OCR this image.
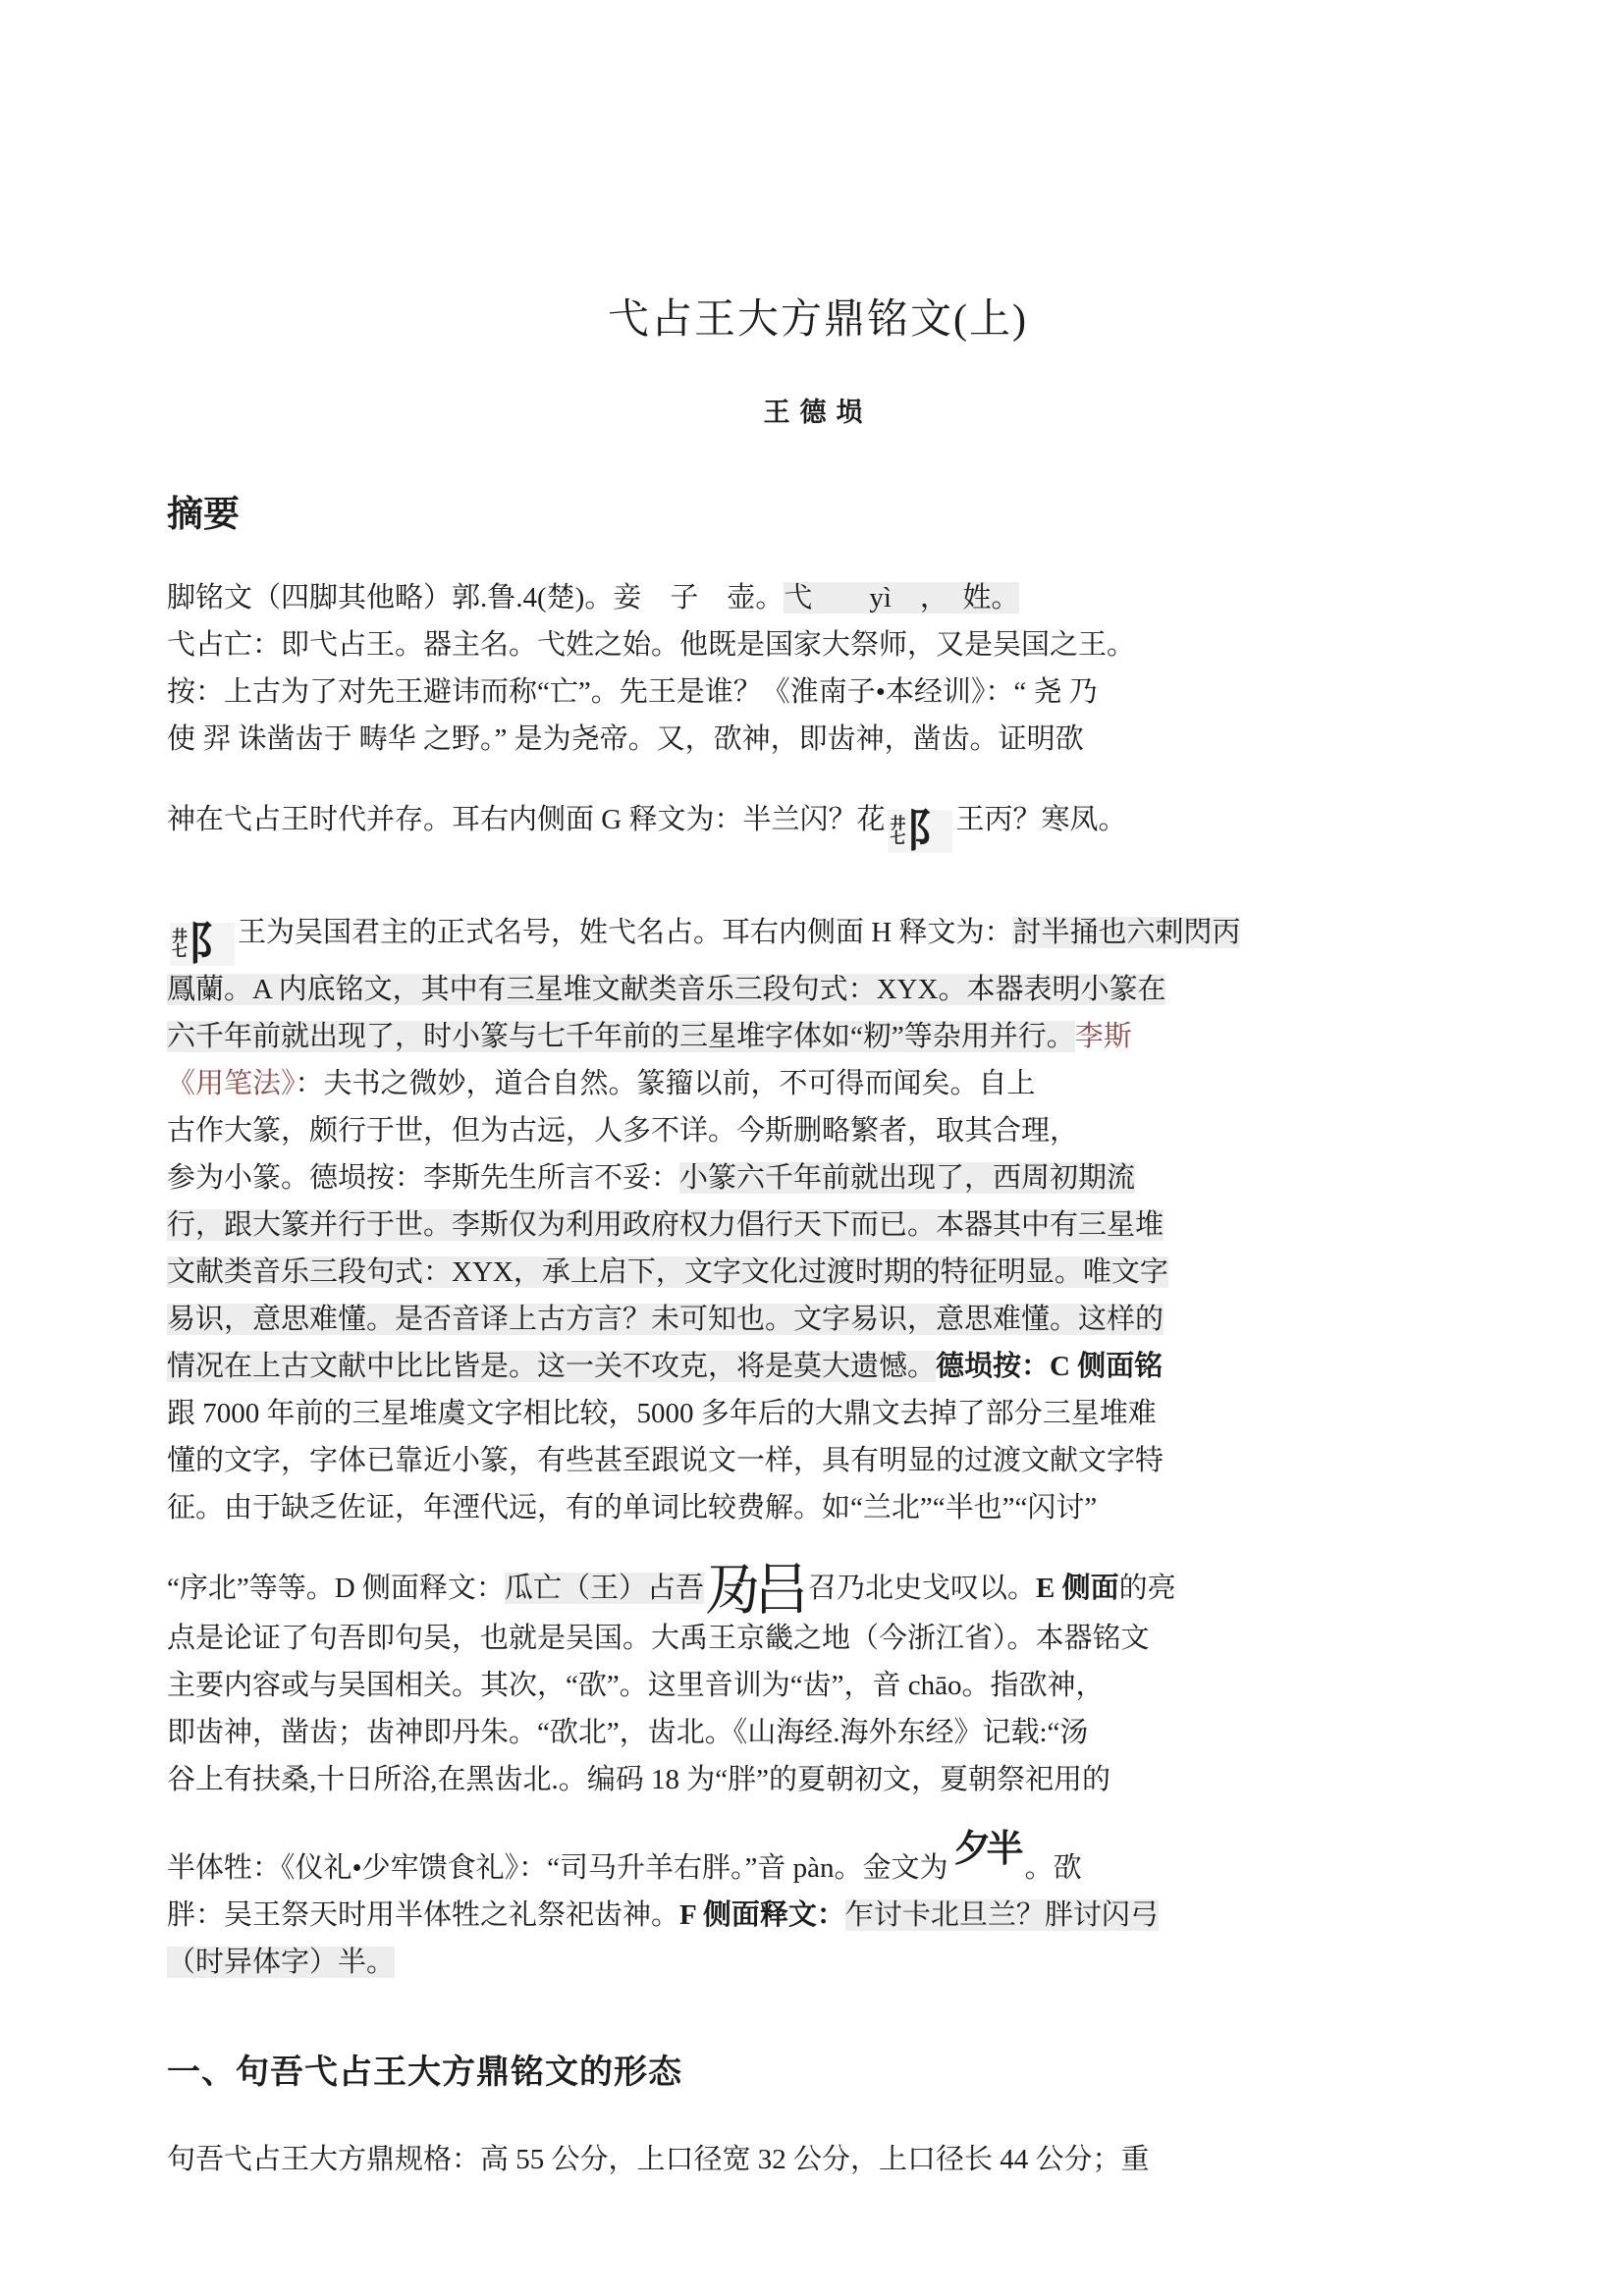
弋占王大方鼎铭文(上)
王德埙
摘要
脚铭文（四脚其他略）郭.鲁.4(楚)。妾　子　壶。弋　　yì　，　姓。
弋占亡：即弋占王。器主名。弋姓之始。他既是国家大祭师，又是吴国之王。
按：上古为了对先王避讳而称“亡”。先王是谁？《淮南子•本经训》：“ 尧 乃
使 羿 诛凿齿于 畴华 之野。” 是为尧帝。又，欩神，即齿神，凿齿。证明欩
神在弋占王时代并存。耳右内侧面 G 释文为：半兰闪？花 井
七 阝 王丙？寒凤。
井
七 阝 王为吴国君主的正式名号，姓弋名占。耳右内侧面 H 释文为：討半捅也六剌閃丙
鳳蘭。A 内底铭文，其中有三星堆文献类音乐三段句式：XYX。本器表明小篆在
六千年前就出现了，时小篆与七千年前的三星堆字体如“籾”等杂用并行。李斯
《用笔法》：夫书之微妙，道合自然。篆籀以前，不可得而闻矣。自上
古作大篆，颇行于世，但为古远，人多不详。今斯删略繁者，取其合理，
参为小篆。德埙按：李斯先生所言不妥：小篆六千年前就出现了，西周初期流
行，跟大篆并行于世。李斯仅为利用政府权力倡行天下而已。本器其中有三星堆
文献类音乐三段句式：XYX，承上启下，文字文化过渡时期的特征明显。唯文字
易识，意思难懂。是否音译上古方言？未可知也。文字易识，意思难懂。这样的
情况在上古文献中比比皆是。这一关不攻克，将是莫大遗憾。德埙按：C 侧面铭
跟 7000 年前的三星堆虞文字相比较，5000 多年后的大鼎文去掉了部分三星堆难
懂的文字，字体已靠近小篆，有些甚至跟说文一样，具有明显的过渡文献文字特
征。由于缺乏佐证，年湮代远，有的单词比较费解。如“兰北”“半也”“闪讨”
“序北”等等。D 侧面释文：瓜亡（王）占吾 夃 吕 召乃北史戈叹以。E 侧面的亮
点是论证了句吾即句吴，也就是吴国。大禹王京畿之地（今浙江省）。本器铭文
主要内容或与吴国相关。其次，“欩”。这里音训为“齿”，音 chāo。指欩神，
即齿神，凿齿；齿神即丹朱。“欩北”，齿北。《山海经.海外东经》记载:“汤
谷上有扶桑,十日所浴,在黑齿北.。编码 18 为“胖”的夏朝初文，夏朝祭祀用的
半体牲：《仪礼•少牢馈食礼》：“司马升羊右胖。”音 pàn。金文为 夕 半 。欩
胖：吴王祭天时用半体牲之礼祭祀齿神。F 侧面释文：乍讨卡北旦兰？胖讨闪弓
（时异体字）半。
一、句吾弋占王大方鼎铭文的形态

句吾弋占王大方鼎规格：高 55 公分，上口径宽 32 公分，上口径长 44 公分；重
